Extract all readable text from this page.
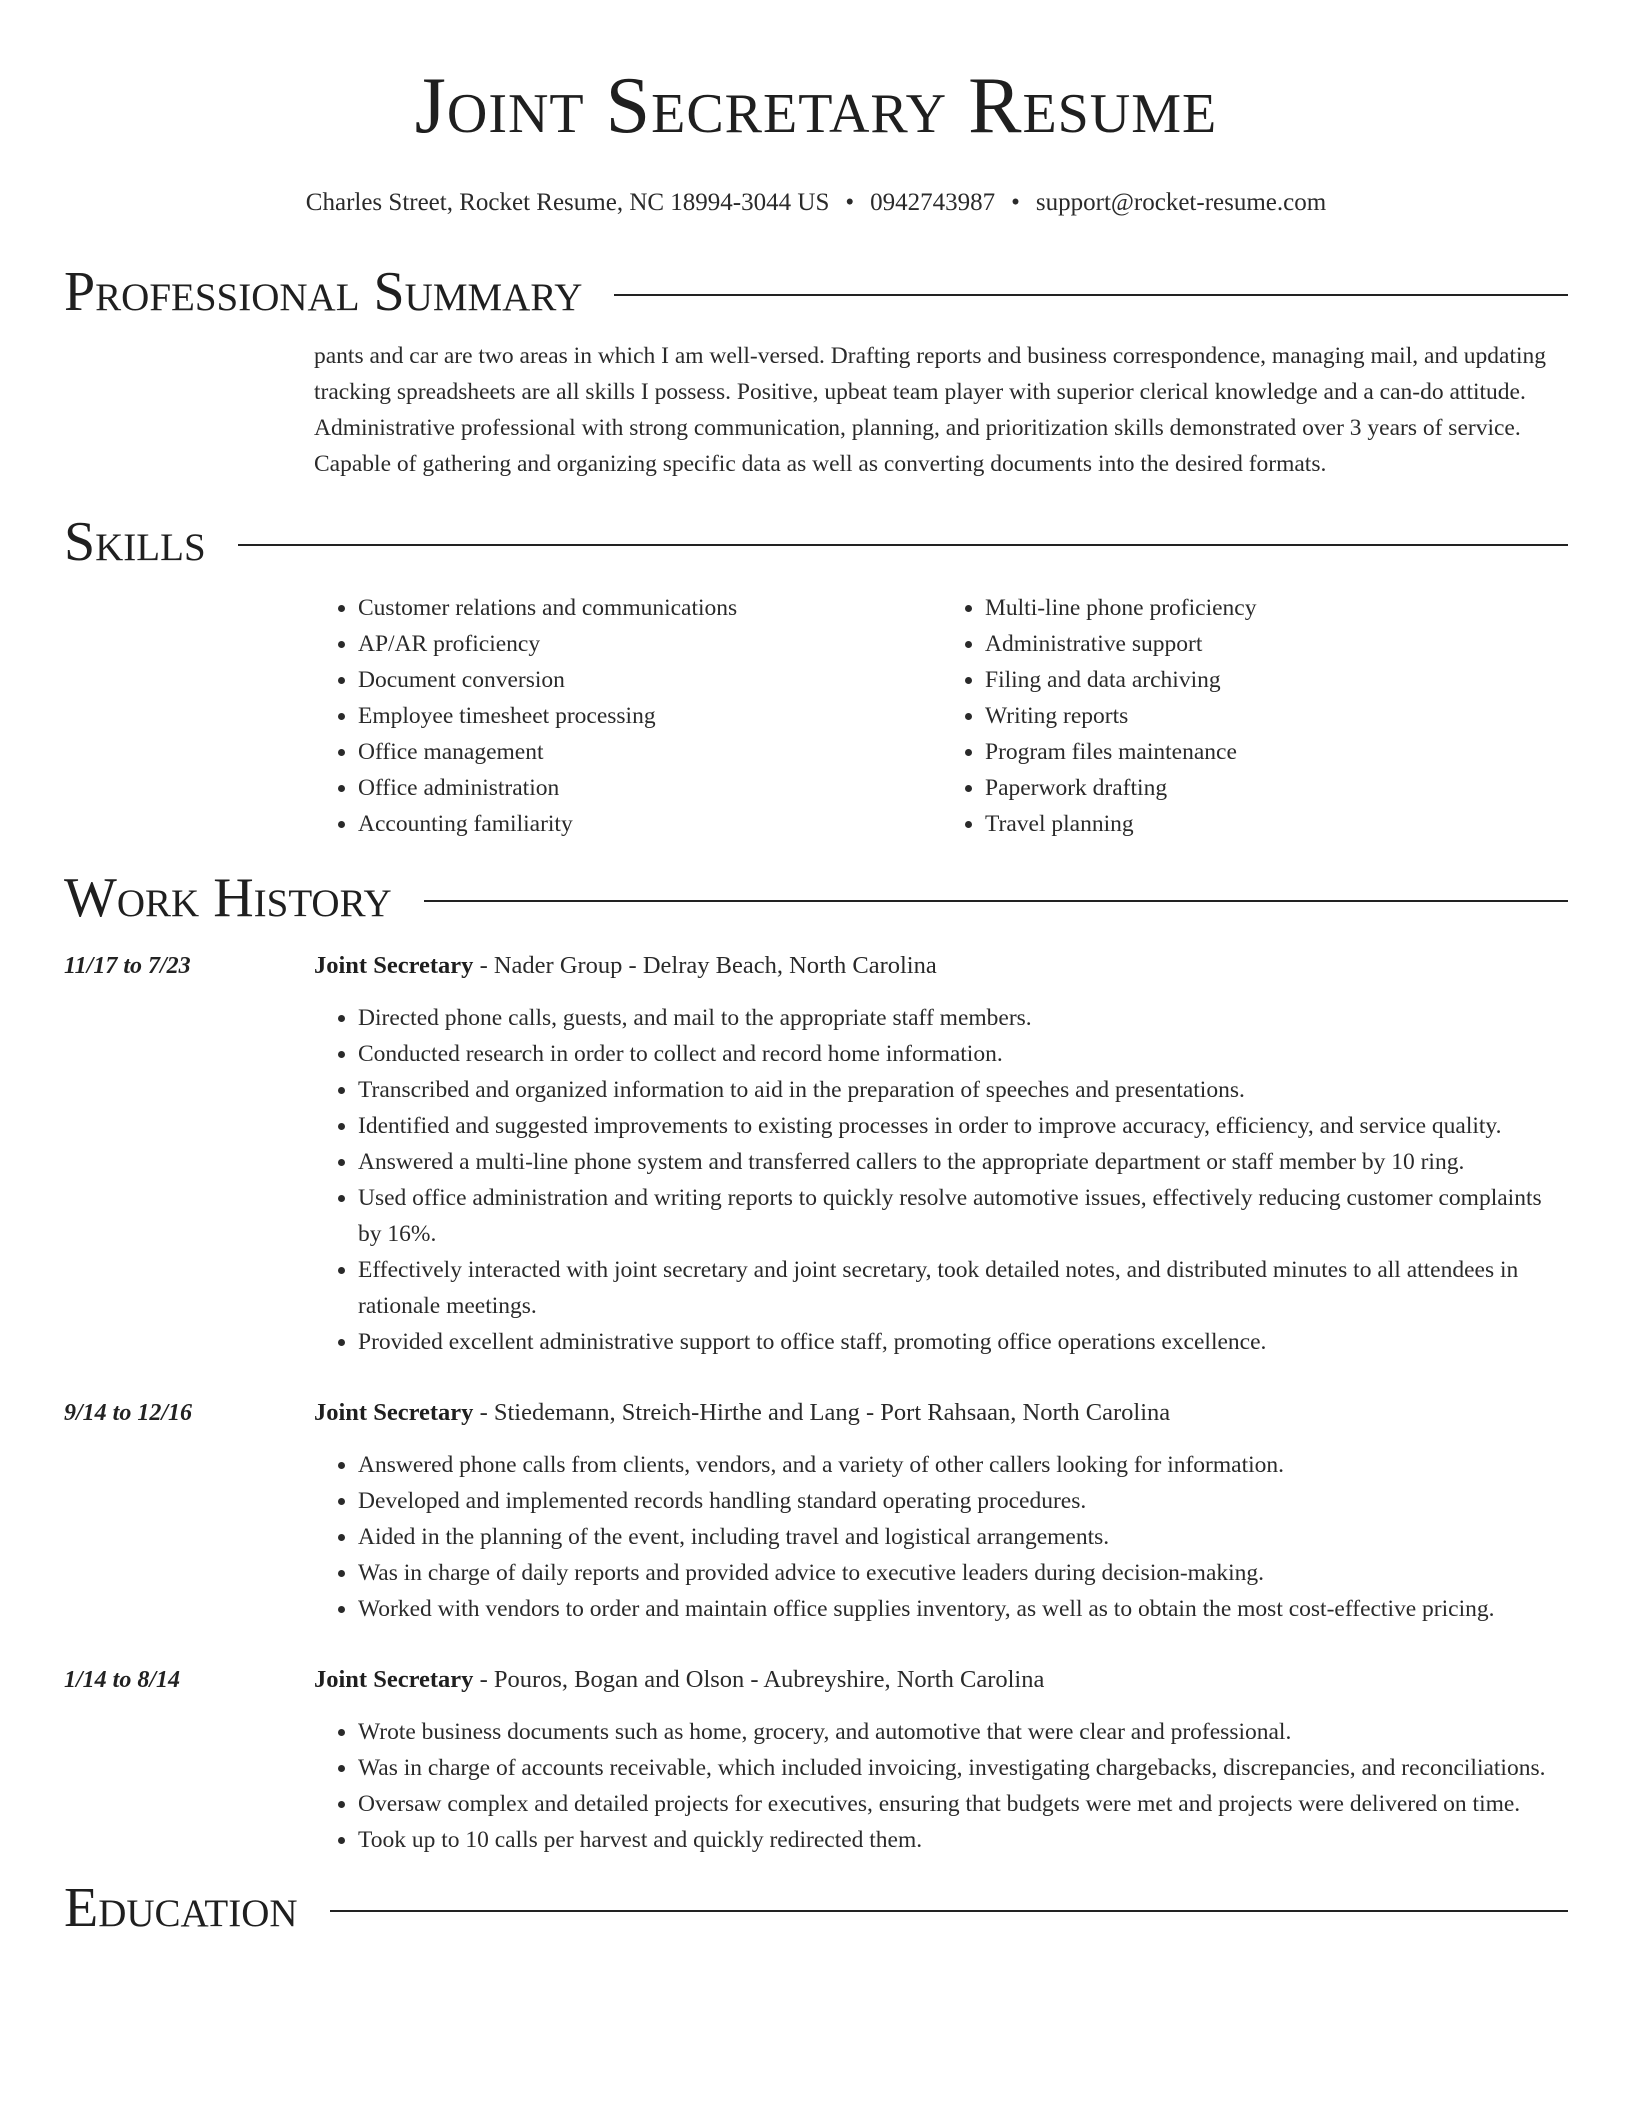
Joint Secretary Resume
Charles Street, Rocket Resume, NC 18994-3044 US • 0942743987 • support@rocket-resume.com
Professional Summary

pants and car are two areas in which I am well-versed. Drafting reports and business correspondence, managing mail, and updating tracking spreadsheets are all skills I possess. Positive, upbeat team player with superior clerical knowledge and a can-do attitude. Administrative professional with strong communication, planning, and prioritization skills demonstrated over 3 years of service. Capable of gathering and organizing specific data as well as converting documents into the desired formats.

Skills
• Customer relations and communications
• AP/AR proficiency
• Document conversion
• Employee timesheet processing
• Office management
• Office administration
• Accounting familiarity
• Multi-line phone proficiency
• Administrative support
• Filing and data archiving
• Writing reports
• Program files maintenance
• Paperwork drafting
• Travel planning
Work History
11/17 to 7/23	Joint Secretary - Nader Group - Delray Beach, North Carolina
• Directed phone calls, guests, and mail to the appropriate staff members.
• Conducted research in order to collect and record home information.
• Transcribed and organized information to aid in the preparation of speeches and presentations.
• Identified and suggested improvements to existing processes in order to improve accuracy, efficiency, and service quality.
• Answered a multi-line phone system and transferred callers to the appropriate department or staff member by 10 ring.
• Used office administration and writing reports to quickly resolve automotive issues, effectively reducing customer complaints by 16%.
• Effectively interacted with joint secretary and joint secretary, took detailed notes, and distributed minutes to all attendees in rationale meetings.
• Provided excellent administrative support to office staff, promoting office operations excellence.
9/14 to 12/16	Joint Secretary - Stiedemann, Streich-Hirthe and Lang - Port Rahsaan, North Carolina
• Answered phone calls from clients, vendors, and a variety of other callers looking for information.
• Developed and implemented records handling standard operating procedures.
• Aided in the planning of the event, including travel and logistical arrangements.
• Was in charge of daily reports and provided advice to executive leaders during decision-making.
• Worked with vendors to order and maintain office supplies inventory, as well as to obtain the most cost-effective pricing.
1/14 to 8/14	Joint Secretary - Pouros, Bogan and Olson - Aubreyshire, North Carolina
• Wrote business documents such as home, grocery, and automotive that were clear and professional.
• Was in charge of accounts receivable, which included invoicing, investigating chargebacks, discrepancies, and reconciliations.
• Oversaw complex and detailed projects for executives, ensuring that budgets were met and projects were delivered on time.
• Took up to 10 calls per harvest and quickly redirected them.
Education
